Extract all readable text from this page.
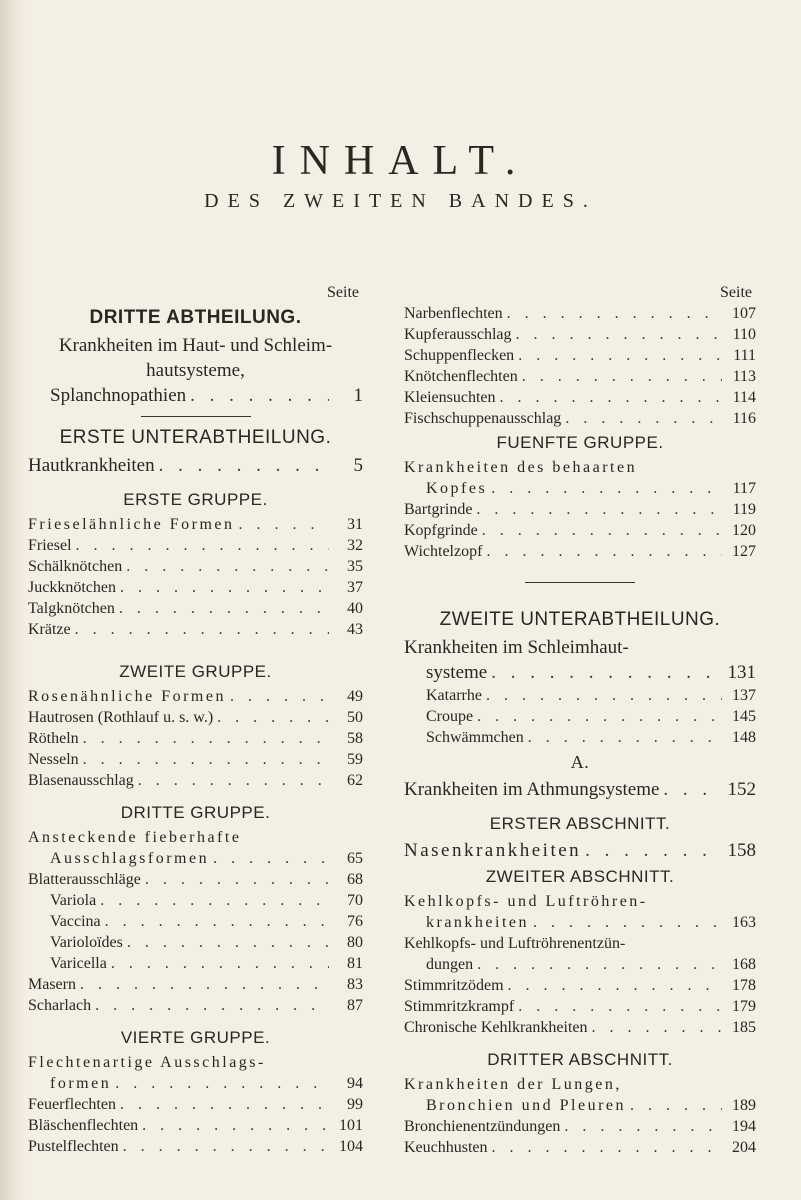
INHALT.
DES ZWEITEN BANDES.
Seite
DRITTE ABTHEILUNG.
Krankheiten im Haut- und Schleim-
hautsysteme,
Splanchnopathien . . .	1
ERSTE UNTERABTHEILUNG.
Hautkrankheiten . . .	5
ERSTE GRUPPE.
Frieselähnliche Formen . . .	31
Friesel . . .	32
Schälknötchen . . .	35
Juckknötchen . . .	37
Talgknötchen . . .	40
Krätze . . .	43
ZWEITE GRUPPE.
Rosenähnliche Formen . . .	49
Hautrosen (Rothlauf u. s. w.) . . .	50
Rötheln . . .	58
Nesseln . . .	59
Blasenausschlag . . .	62
DRITTE GRUPPE.
Ansteckende fieberhafte
Ausschlagsformen . . .	65
Blatterausschläge . . .	68
Variola . . .	70
Vaccina . . .	76
Varioloïdes . . .	80
Varicella . . .	81
Masern . . .	83
Scharlach . . .	87
VIERTE GRUPPE.
Flechtenartige Ausschlags-
formen . . .	94
Feuerflechten . . .	99
Bläschenflechten . . .	101
Pustelflechten . . .	104
Seite
Narbenflechten . . .	107
Kupferausschlag . . .	110
Schuppenflecken . . .	111
Knötchenflechten . . .	113
Kleiensuchten . . .	114
Fischschuppenausschlag . . .	116
FUENFTE GRUPPE.
Krankheiten des behaarten
Kopfes . . .	117
Bartgrinde . . .	119
Kopfgrinde . . .	120
Wichtelzopf . . .	127
ZWEITE UNTERABTHEILUNG.
Krankheiten im Schleimhaut-
systeme . . .	131
Katarrhe . . .	137
Croupe . . .	145
Schwämmchen . . .	148
A.
Krankheiten im Athmungsysteme . . .	152
ERSTER ABSCHNITT.
Nasenkrankheiten . . .	158
ZWEITER ABSCHNITT.
Kehlkopfs- und Luftröhren-
krankheiten . . .	163
Kehlkopfs- und Luftröhrenentzün-
dungen . . .	168
Stimmritzödem . . .	178
Stimmritzkrampf . . .	179
Chronische Kehlkrankheiten . . .	185
DRITTER ABSCHNITT.
Krankheiten der Lungen,
Bronchien und Pleuren . . .	189
Bronchienentzündungen . . .	194
Keuchhusten . . .	204
